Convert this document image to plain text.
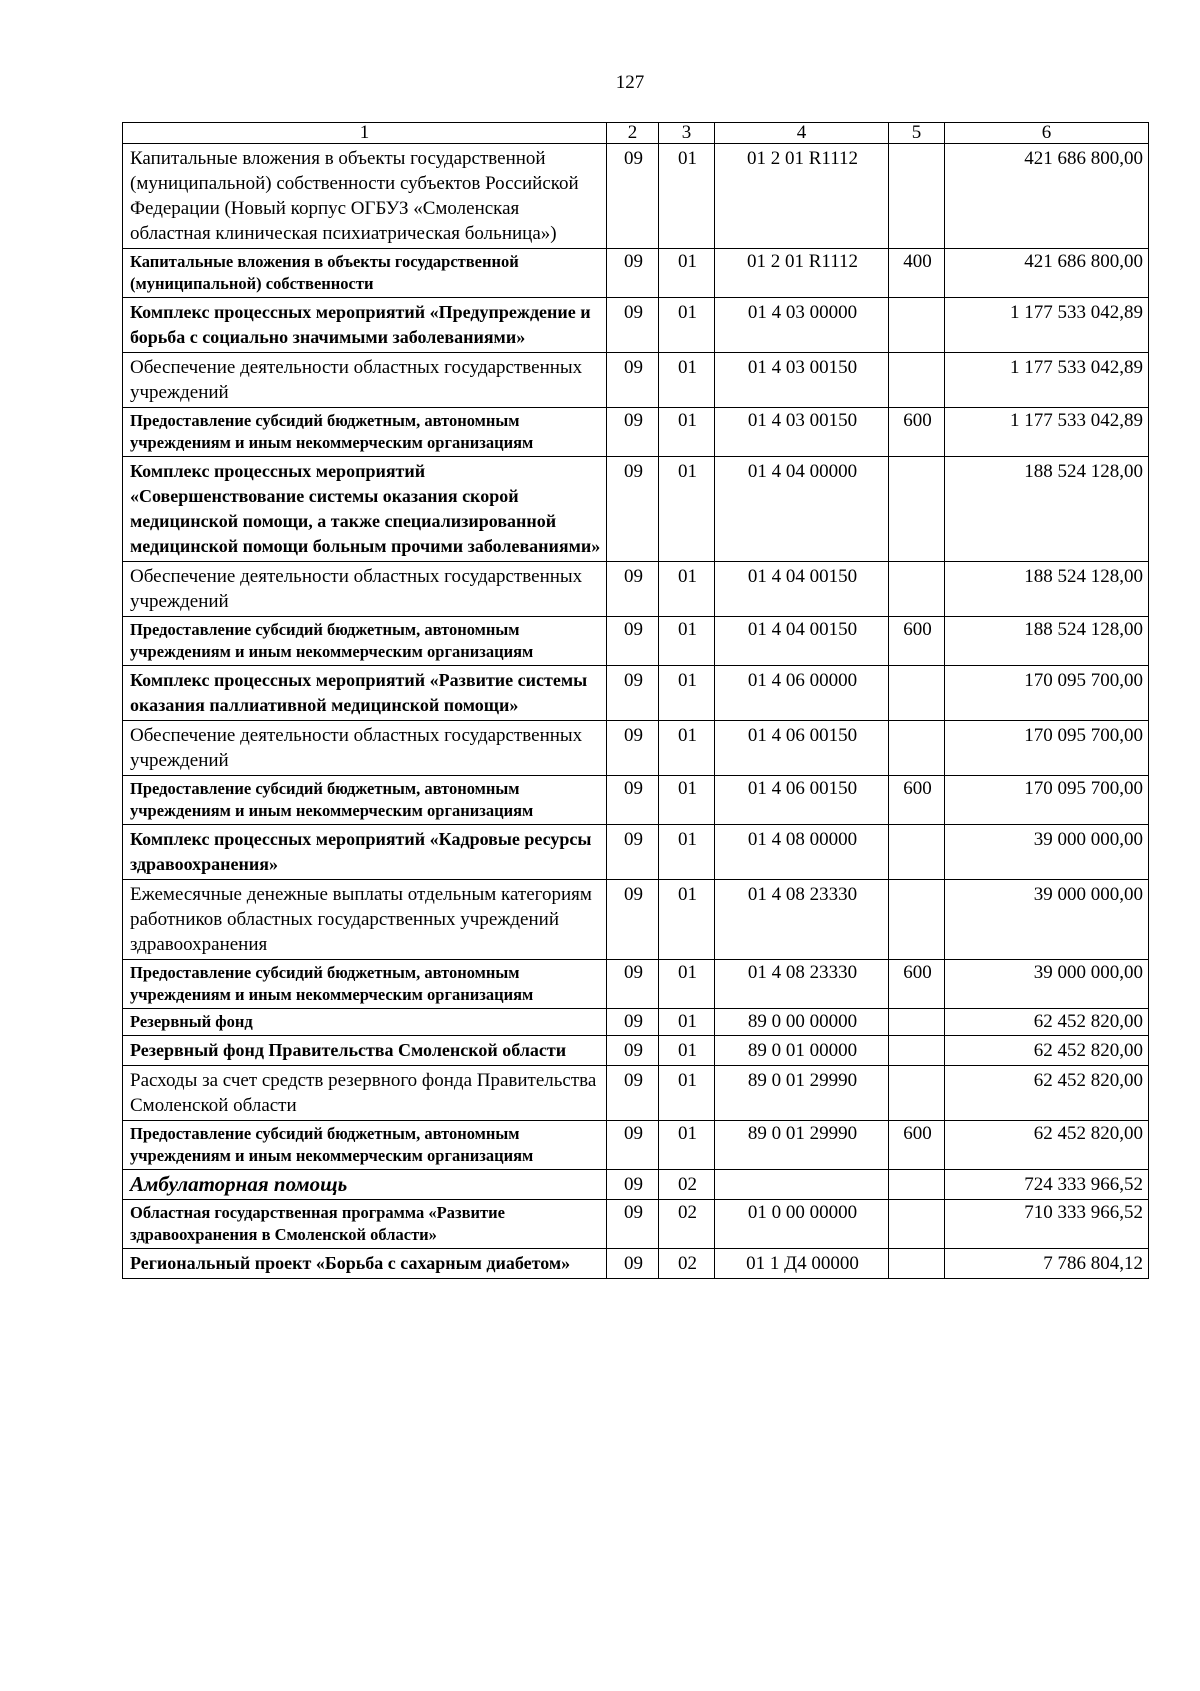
127
1	2	3	4	5	6
Капитальные вложения в объекты государственной (муниципальной) собственности субъектов Российской Федерации (Новый корпус ОГБУЗ «Смоленская областная клиническая психиатрическая больница»)	09	01	01 2 01 R1112		421 686 800,00
Капитальные вложения в объекты государственной (муниципальной) собственности	09	01	01 2 01 R1112	400	421 686 800,00
Комплекс процессных мероприятий «Предупреждение и борьба с социально значимыми заболеваниями»	09	01	01 4 03 00000		1 177 533 042,89
Обеспечение деятельности областных государственных учреждений	09	01	01 4 03 00150		1 177 533 042,89
Предоставление субсидий бюджетным, автономным учреждениям и иным некоммерческим организациям	09	01	01 4 03 00150	600	1 177 533 042,89
Комплекс процессных мероприятий «Совершенствование системы оказания скорой медицинской помощи, а также специализированной медицинской помощи больным прочими заболеваниями»	09	01	01 4 04 00000		188 524 128,00
Обеспечение деятельности областных государственных учреждений	09	01	01 4 04 00150		188 524 128,00
Предоставление субсидий бюджетным, автономным учреждениям и иным некоммерческим организациям	09	01	01 4 04 00150	600	188 524 128,00
Комплекс процессных мероприятий «Развитие системы оказания паллиативной медицинской помощи»	09	01	01 4 06 00000		170 095 700,00
Обеспечение деятельности областных государственных учреждений	09	01	01 4 06 00150		170 095 700,00
Предоставление субсидий бюджетным, автономным учреждениям и иным некоммерческим организациям	09	01	01 4 06 00150	600	170 095 700,00
Комплекс процессных мероприятий «Кадровые ресурсы здравоохранения»	09	01	01 4 08 00000		39 000 000,00
Ежемесячные денежные выплаты отдельным категориям работников областных государственных учреждений здравоохранения	09	01	01 4 08 23330		39 000 000,00
Предоставление субсидий бюджетным, автономным учреждениям и иным некоммерческим организациям	09	01	01 4 08 23330	600	39 000 000,00
Резервный фонд	09	01	89 0 00 00000		62 452 820,00
Резервный фонд Правительства Смоленской области	09	01	89 0 01 00000		62 452 820,00
Расходы за счет средств резервного фонда Правительства Смоленской области	09	01	89 0 01 29990		62 452 820,00
Предоставление субсидий бюджетным, автономным учреждениям и иным некоммерческим организациям	09	01	89 0 01 29990	600	62 452 820,00
Амбулаторная помощь	09	02			724 333 966,52
Областная государственная программа «Развитие здравоохранения в Смоленской области»	09	02	01 0 00 00000		710 333 966,52
Региональный проект «Борьба с сахарным диабетом»	09	02	01 1 Д4 00000		7 786 804,12
